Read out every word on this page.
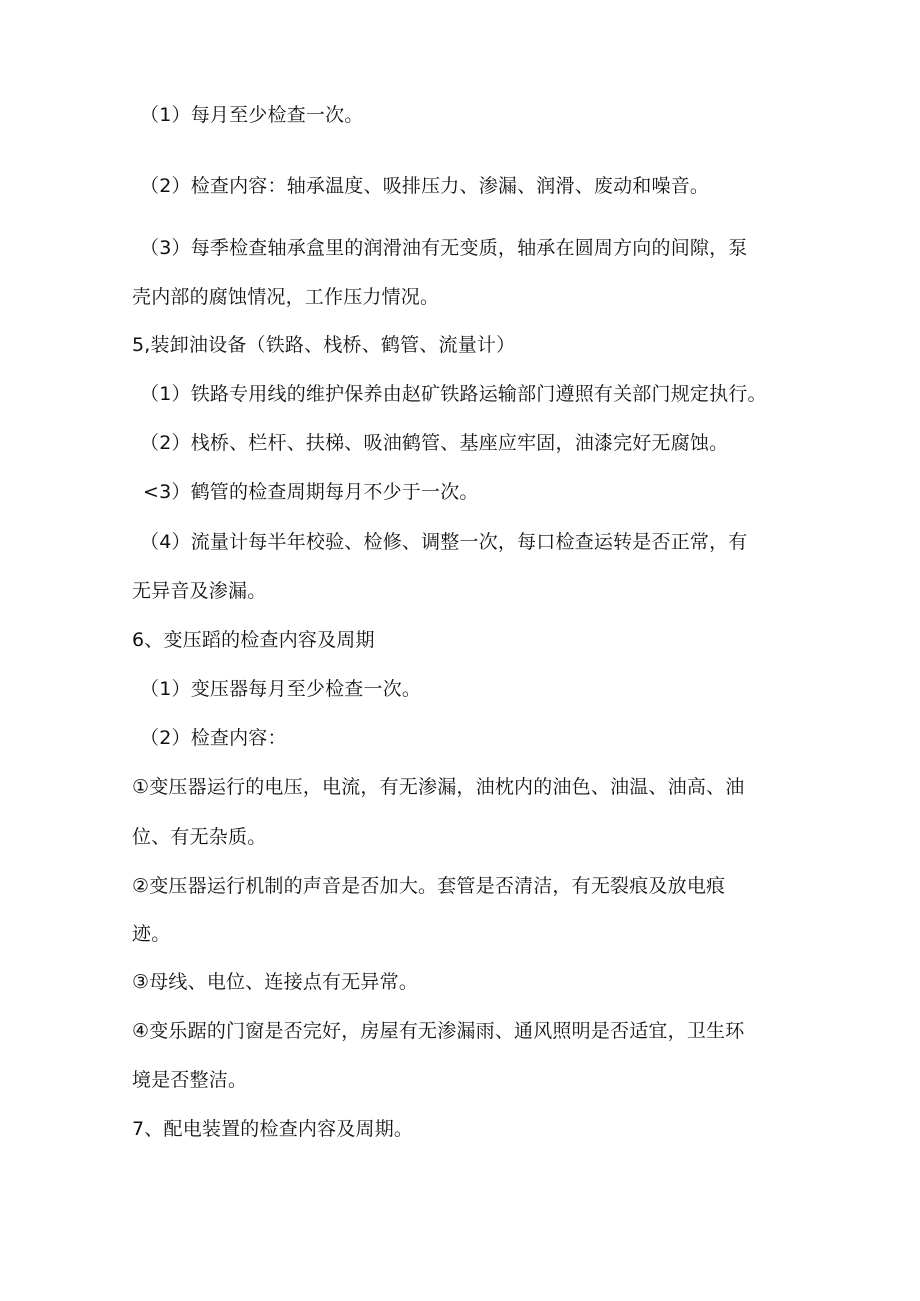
（1）每月至少检查一次。
（2）检查内容：轴承温度、吸排压力、渗漏、润滑、废动和噪音。
（3）每季检查轴承盒里的润滑油有无变质，轴承在圆周方向的间隙，泵
壳内部的腐蚀情况，工作压力情况。
5,装卸油设备（铁路、栈桥、鹤管、流量计）
（1）铁路专用线的维护保养由赵矿铁路运输部门遵照有关部门规定执行。
（2）栈桥、栏杆、扶梯、吸油鹤管、基座应牢固，油漆完好无腐蚀。
<3）鹤管的检查周期每月不少于一次。
（4）流量计每半年校验、检修、调整一次，每口检查运转是否正常，有
无异音及渗漏。
6、变压蹈的检查内容及周期
（1）变压器每月至少检查一次。
（2）检查内容：
①变压器运行的电压，电流，有无渗漏，油枕内的油色、油温、油高、油
位、有无杂质。
②变压器运行机制的声音是否加大。套管是否清洁，有无裂痕及放电痕
迹。
③母线、电位、连接点有无异常。
④变乐踞的门窗是否完好，房屋有无渗漏雨、通风照明是否适宜，卫生环
境是否整洁。
7、配电装置的检查内容及周期。
